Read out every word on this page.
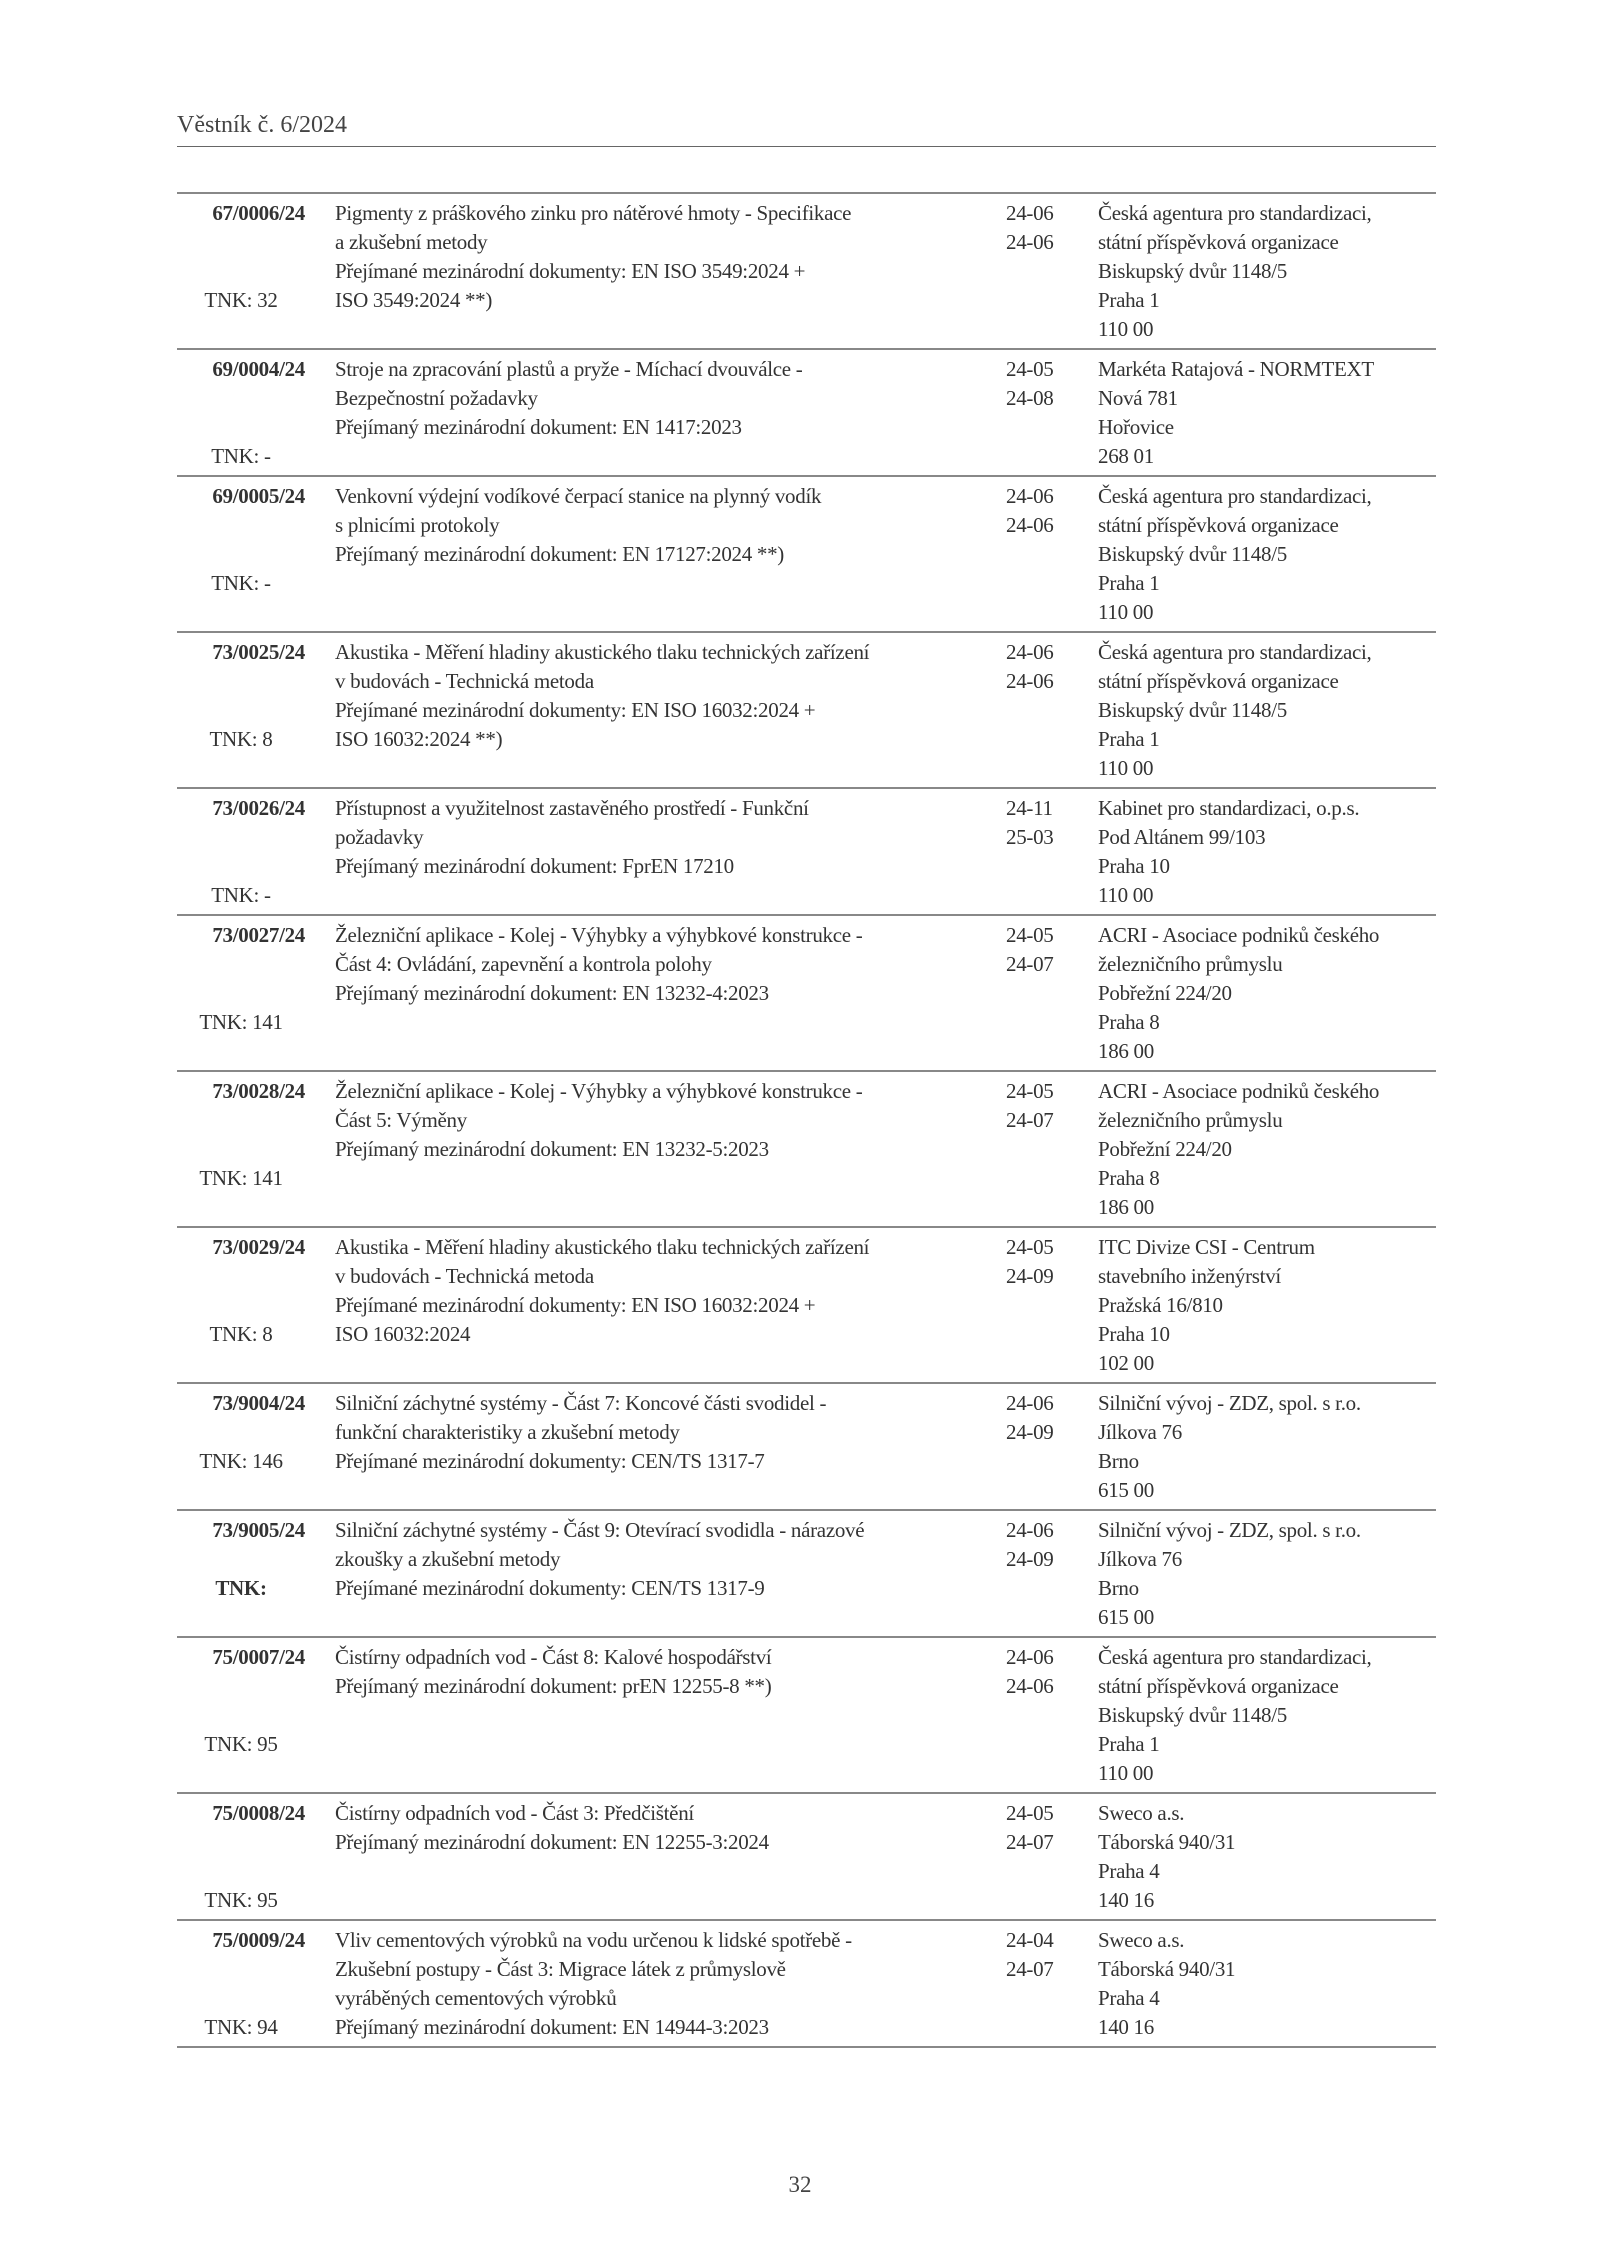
Věstník č. 6/2024
67/0006/24
TNK: 32
Pigmenty z práškového zinku pro nátěrové hmoty - Specifikace
a zkušební metody
Přejímané mezinárodní dokumenty: EN ISO 3549:2024 +
ISO 3549:2024 **)
24-06
24-06
Česká agentura pro standardizaci,
státní příspěvková organizace
Biskupský dvůr 1148/5
Praha 1
110 00
69/0004/24
TNK: -
Stroje na zpracování plastů a pryže - Míchací dvouválce -
Bezpečnostní požadavky
Přejímaný mezinárodní dokument: EN 1417:2023
24-05
24-08
Markéta Ratajová - NORMTEXT
Nová 781
Hořovice
268 01
69/0005/24
TNK: -
Venkovní výdejní vodíkové čerpací stanice na plynný vodík
s plnicími protokoly
Přejímaný mezinárodní dokument: EN 17127:2024 **)
24-06
24-06
Česká agentura pro standardizaci,
státní příspěvková organizace
Biskupský dvůr 1148/5
Praha 1
110 00
73/0025/24
TNK: 8
Akustika - Měření hladiny akustického tlaku technických zařízení
v budovách - Technická metoda
Přejímané mezinárodní dokumenty: EN ISO 16032:2024 +
ISO 16032:2024 **)
24-06
24-06
Česká agentura pro standardizaci,
státní příspěvková organizace
Biskupský dvůr 1148/5
Praha 1
110 00
73/0026/24
TNK: -
Přístupnost a využitelnost zastavěného prostředí - Funkční
požadavky
Přejímaný mezinárodní dokument: FprEN 17210
24-11
25-03
Kabinet pro standardizaci, o.p.s.
Pod Altánem 99/103
Praha 10
110 00
73/0027/24
TNK: 141
Železniční aplikace - Kolej - Výhybky a výhybkové konstrukce -
Část 4: Ovládání, zapevnění a kontrola polohy
Přejímaný mezinárodní dokument: EN 13232-4:2023
24-05
24-07
ACRI - Asociace podniků českého
železničního průmyslu
Pobřežní 224/20
Praha 8
186 00
73/0028/24
TNK: 141
Železniční aplikace - Kolej - Výhybky a výhybkové konstrukce -
Část 5: Výměny
Přejímaný mezinárodní dokument: EN 13232-5:2023
24-05
24-07
ACRI - Asociace podniků českého
železničního průmyslu
Pobřežní 224/20
Praha 8
186 00
73/0029/24
TNK: 8
Akustika - Měření hladiny akustického tlaku technických zařízení
v budovách - Technická metoda
Přejímané mezinárodní dokumenty: EN ISO 16032:2024 +
ISO 16032:2024
24-05
24-09
ITC Divize CSI - Centrum
stavebního inženýrství
Pražská 16/810
Praha 10
102 00
73/9004/24
TNK: 146
Silniční záchytné systémy - Část 7: Koncové části svodidel -
funkční charakteristiky a zkušební metody
Přejímané mezinárodní dokumenty: CEN/TS 1317-7
24-06
24-09
Silniční vývoj - ZDZ, spol. s r.o.
Jílkova 76
Brno
615 00
73/9005/24
TNK:
Silniční záchytné systémy - Část 9: Otevírací svodidla - nárazové
zkoušky a zkušební metody
Přejímané mezinárodní dokumenty: CEN/TS 1317-9
24-06
24-09
Silniční vývoj - ZDZ, spol. s r.o.
Jílkova 76
Brno
615 00
75/0007/24
TNK: 95
Čistírny odpadních vod - Část 8: Kalové hospodářství
Přejímaný mezinárodní dokument: prEN 12255-8 **)
24-06
24-06
Česká agentura pro standardizaci,
státní příspěvková organizace
Biskupský dvůr 1148/5
Praha 1
110 00
75/0008/24
TNK: 95
Čistírny odpadních vod - Část 3: Předčištění
Přejímaný mezinárodní dokument: EN 12255-3:2024
24-05
24-07
Sweco a.s.
Táborská 940/31
Praha 4
140 16
75/0009/24
TNK: 94
Vliv cementových výrobků na vodu určenou k lidské spotřebě -
Zkušební postupy - Část 3: Migrace látek z průmyslově
vyráběných cementových výrobků
Přejímaný mezinárodní dokument: EN 14944-3:2023
24-04
24-07
Sweco a.s.
Táborská 940/31
Praha 4
140 16
32
